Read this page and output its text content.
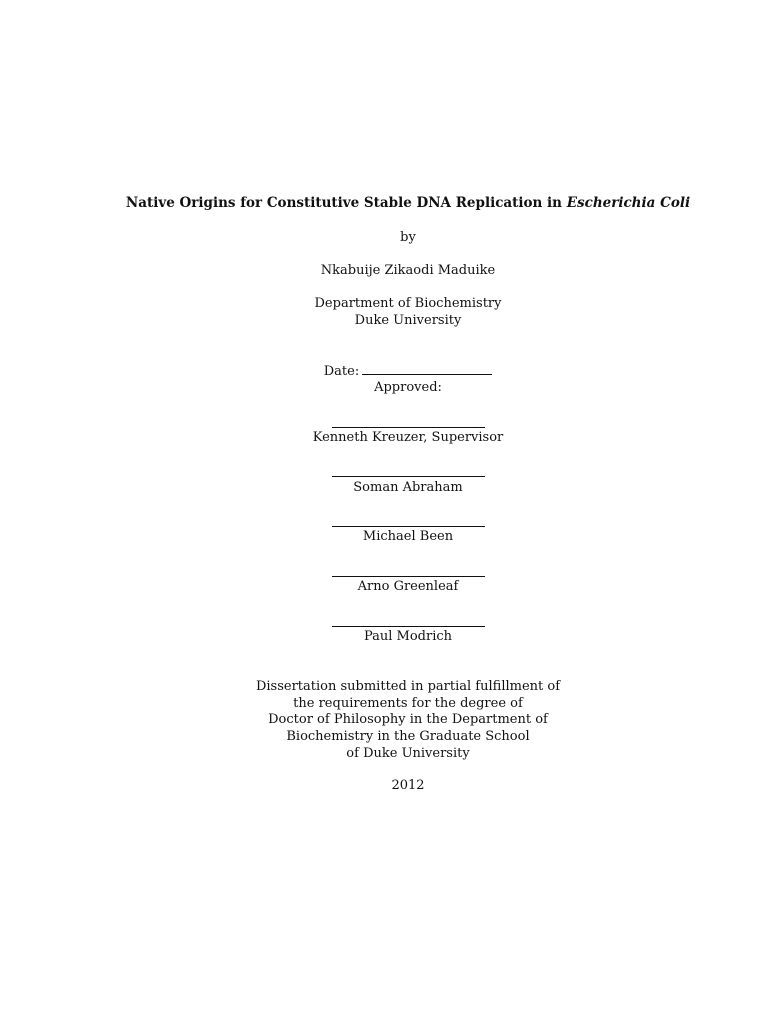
Native Origins for Constitutive Stable DNA Replication in Escherichia Coli
by
Nkabuije Zikaodi Maduike
Department of Biochemistry
Duke University
Date:
Approved:
Kenneth Kreuzer, Supervisor
Soman Abraham
Michael Been
Arno Greenleaf
Paul Modrich
Dissertation submitted in partial fulfillment of
the requirements for the degree of
Doctor of Philosophy in the Department of
Biochemistry in the Graduate School
of Duke University
2012
